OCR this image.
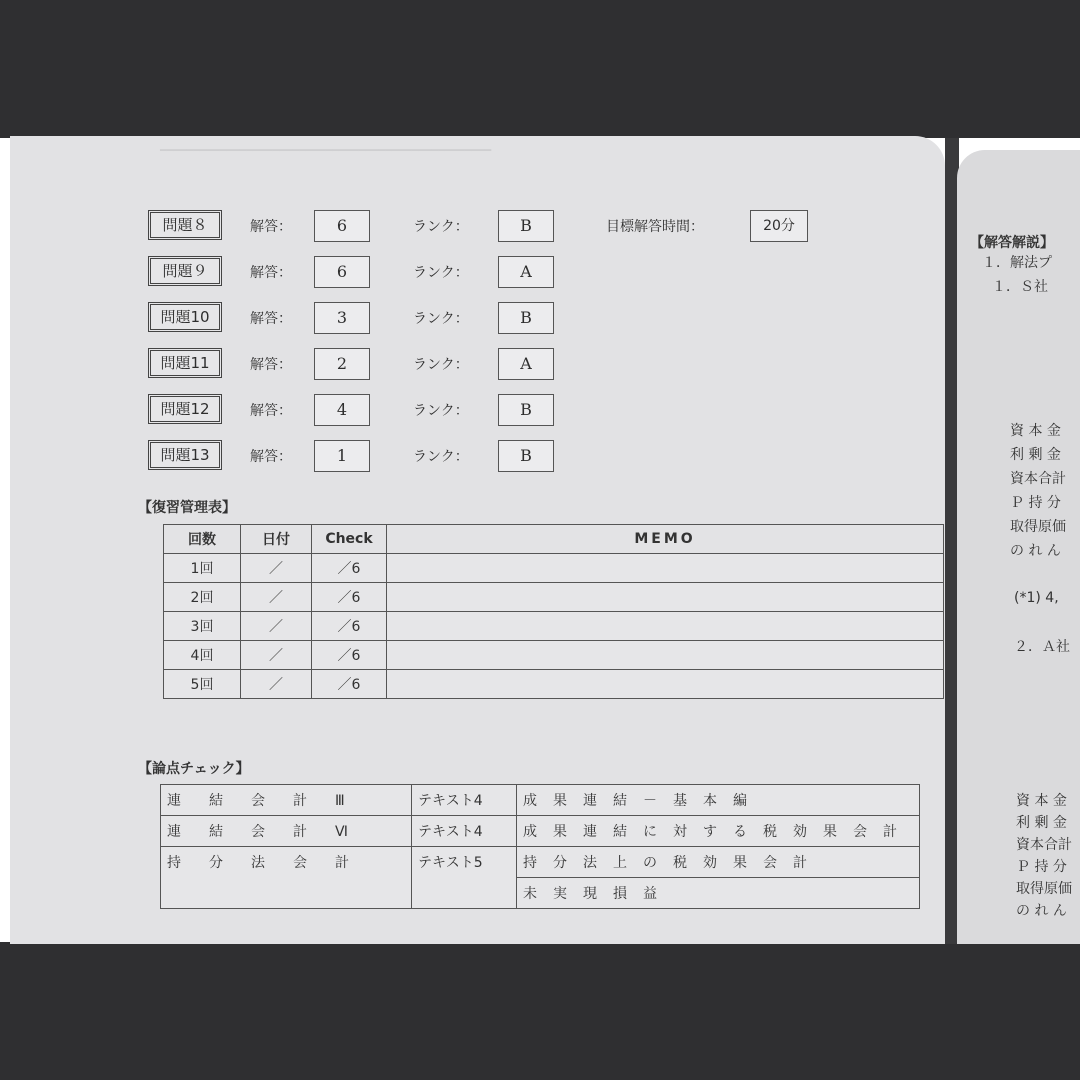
━━━━━━━━━━━━━━━━━━━━━━━━━━━━━━━━━━━━━━━━━━━━━━━━━━
問題８	解答：	6	ランク：	B	目標解答時間：	20分
問題９	解答：	6	ランク：	A
問題10	解答：	3	ランク：	B
問題11	解答：	2	ランク：	A
問題12	解答：	4	ランク：	B
問題13	解答：	1	ランク：	B
【復習管理表】
回数	日付	Check	MEMO
1回	／	／6	
2回	／	／6	
3回	／	／6	
4回	／	／6	
5回	／	／6	
【論点チェック】
連結会計Ⅲ	テキスト4	成果連結－基本編
連結会計Ⅵ	テキスト4	成果連結に対する税効果会計
持分法会計	テキスト5	持分法上の税効果会計
		未実現損益
【解答解説】
１．解法プ
１．Ｓ社
資 本 金
利 剰 金
資本合計
Ｐ 持 分
取得原価
の れ ん
(*1) 4,
２．Ａ社
資 本 金
利 剰 金
資本合計
Ｐ 持 分
取得原価
の れ ん
